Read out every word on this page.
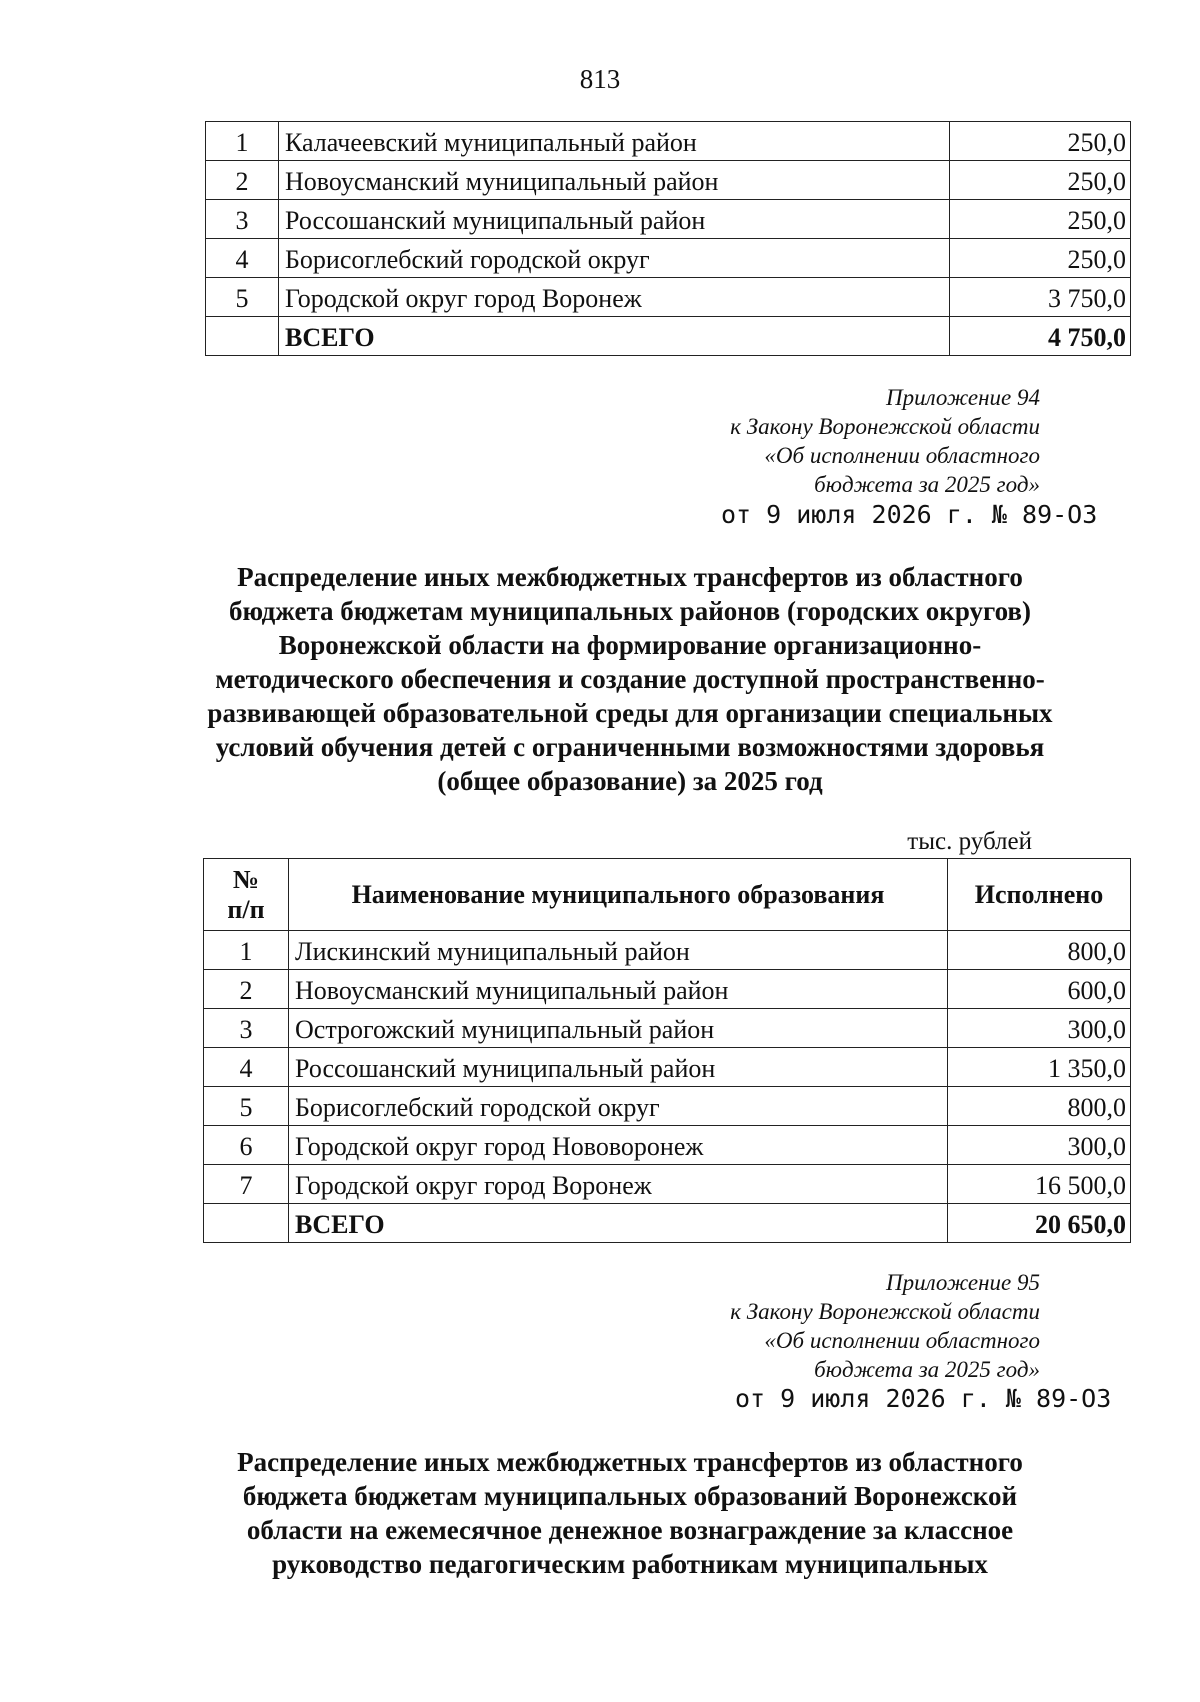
813
1	Калачеевский муниципальный район	250,0
2	Новоусманский муниципальный район	250,0
3	Россошанский муниципальный район	250,0
4	Борисоглебский городской округ	250,0
5	Городской округ город Воронеж	3 750,0
	ВСЕГО	4 750,0
Приложение 94
к Закону Воронежской области
«Об исполнении областного
бюджета за 2025 год»
от 9 июля 2026 г. № 89-ОЗ
Распределение иных межбюджетных трансфертов из областного
бюджета бюджетам муниципальных районов (городских округов)
Воронежской области на формирование организационно-
методического обеспечения и создание доступной пространственно-
развивающей образовательной среды для организации специальных
условий обучения детей с ограниченными возможностями здоровья
(общее образование) за 2025 год
тыс. рублей
№
п/п	Наименование муниципального образования	Исполнено
1	Лискинский муниципальный район	800,0
2	Новоусманский муниципальный район	600,0
3	Острогожский муниципальный район	300,0
4	Россошанский муниципальный район	1 350,0
5	Борисоглебский городской округ	800,0
6	Городской округ город Нововоронеж	300,0
7	Городской округ город Воронеж	16 500,0
	ВСЕГО	20 650,0
Приложение 95
к Закону Воронежской области
«Об исполнении областного
бюджета за 2025 год»
от 9 июля 2026 г. № 89-ОЗ
Распределение иных межбюджетных трансфертов из областного
бюджета бюджетам муниципальных образований Воронежской
области на ежемесячное денежное вознаграждение за классное
руководство педагогическим работникам муниципальных
